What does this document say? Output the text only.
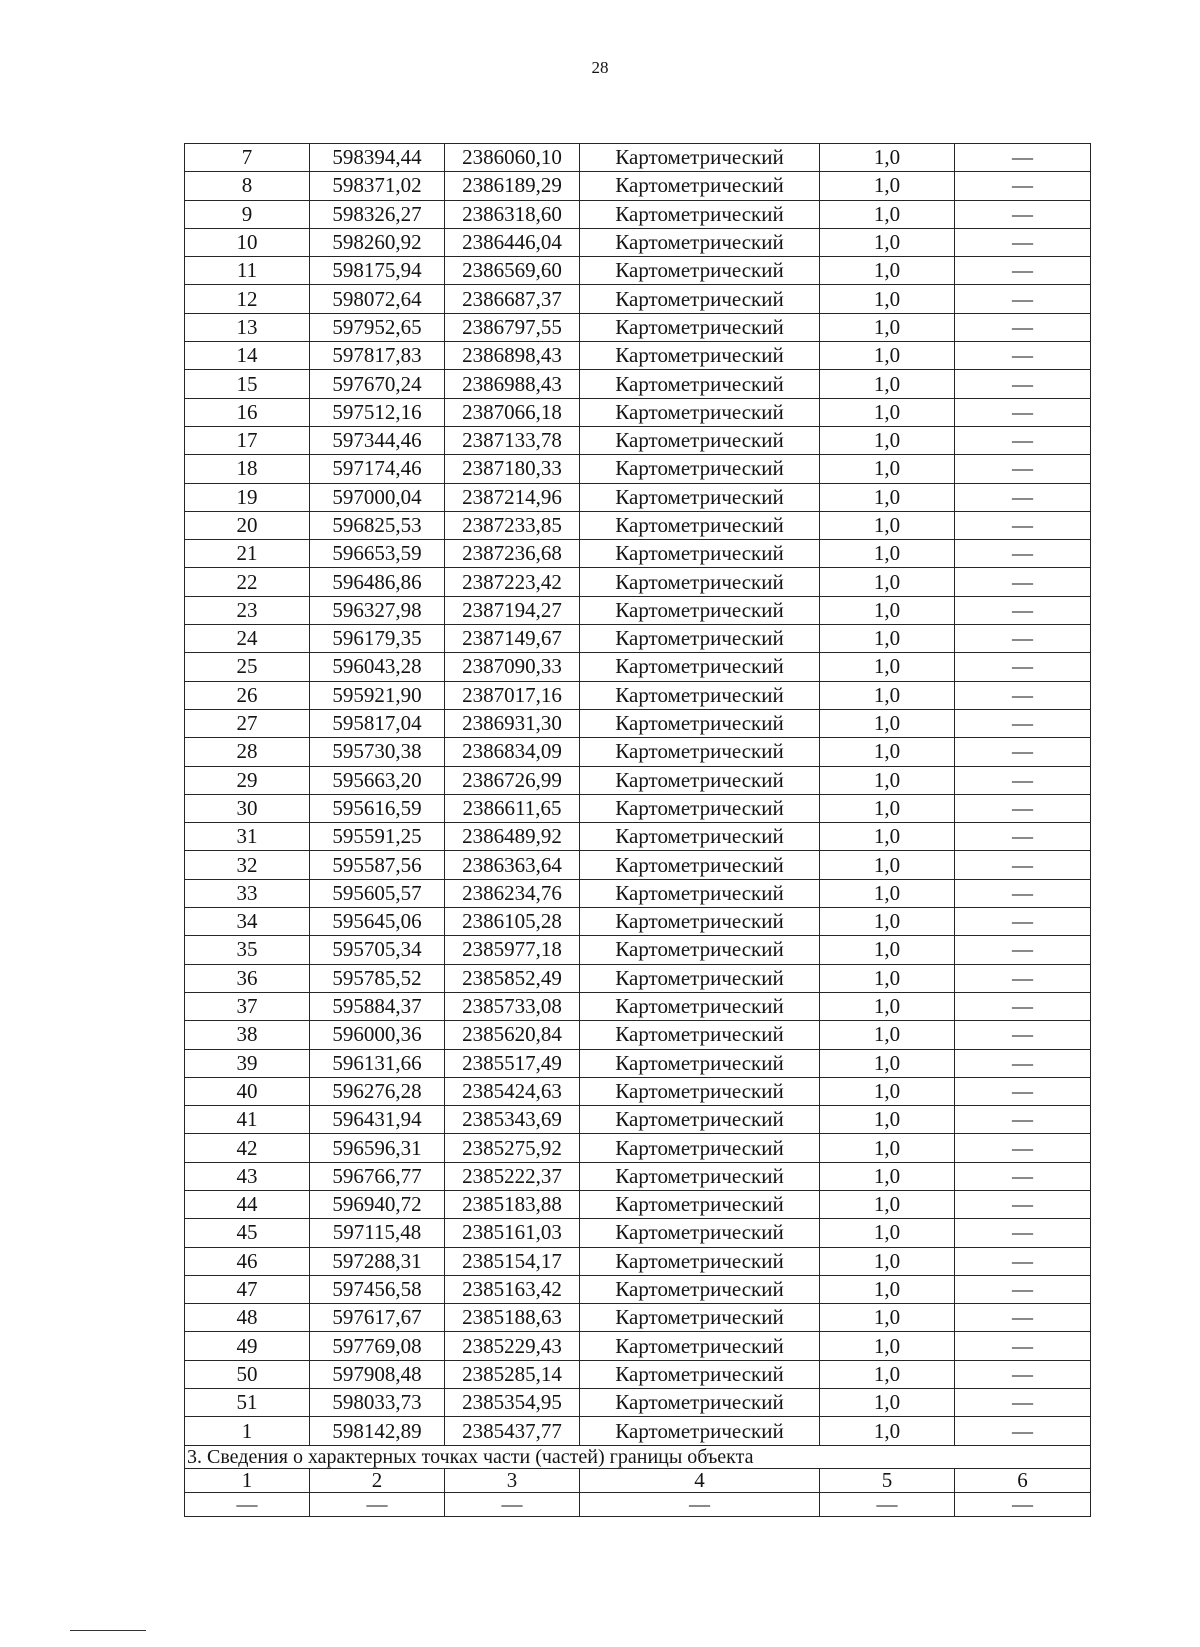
28
7	598394,44	2386060,10	Картометрический	1,0	—
8	598371,02	2386189,29	Картометрический	1,0	—
9	598326,27	2386318,60	Картометрический	1,0	—
10	598260,92	2386446,04	Картометрический	1,0	—
11	598175,94	2386569,60	Картометрический	1,0	—
12	598072,64	2386687,37	Картометрический	1,0	—
13	597952,65	2386797,55	Картометрический	1,0	—
14	597817,83	2386898,43	Картометрический	1,0	—
15	597670,24	2386988,43	Картометрический	1,0	—
16	597512,16	2387066,18	Картометрический	1,0	—
17	597344,46	2387133,78	Картометрический	1,0	—
18	597174,46	2387180,33	Картометрический	1,0	—
19	597000,04	2387214,96	Картометрический	1,0	—
20	596825,53	2387233,85	Картометрический	1,0	—
21	596653,59	2387236,68	Картометрический	1,0	—
22	596486,86	2387223,42	Картометрический	1,0	—
23	596327,98	2387194,27	Картометрический	1,0	—
24	596179,35	2387149,67	Картометрический	1,0	—
25	596043,28	2387090,33	Картометрический	1,0	—
26	595921,90	2387017,16	Картометрический	1,0	—
27	595817,04	2386931,30	Картометрический	1,0	—
28	595730,38	2386834,09	Картометрический	1,0	—
29	595663,20	2386726,99	Картометрический	1,0	—
30	595616,59	2386611,65	Картометрический	1,0	—
31	595591,25	2386489,92	Картометрический	1,0	—
32	595587,56	2386363,64	Картометрический	1,0	—
33	595605,57	2386234,76	Картометрический	1,0	—
34	595645,06	2386105,28	Картометрический	1,0	—
35	595705,34	2385977,18	Картометрический	1,0	—
36	595785,52	2385852,49	Картометрический	1,0	—
37	595884,37	2385733,08	Картометрический	1,0	—
38	596000,36	2385620,84	Картометрический	1,0	—
39	596131,66	2385517,49	Картометрический	1,0	—
40	596276,28	2385424,63	Картометрический	1,0	—
41	596431,94	2385343,69	Картометрический	1,0	—
42	596596,31	2385275,92	Картометрический	1,0	—
43	596766,77	2385222,37	Картометрический	1,0	—
44	596940,72	2385183,88	Картометрический	1,0	—
45	597115,48	2385161,03	Картометрический	1,0	—
46	597288,31	2385154,17	Картометрический	1,0	—
47	597456,58	2385163,42	Картометрический	1,0	—
48	597617,67	2385188,63	Картометрический	1,0	—
49	597769,08	2385229,43	Картометрический	1,0	—
50	597908,48	2385285,14	Картометрический	1,0	—
51	598033,73	2385354,95	Картометрический	1,0	—
1	598142,89	2385437,77	Картометрический	1,0	—
3. Сведения о характерных точках части (частей) границы объекта					
1	2	3	4	5	6
—	—	—	—	—	—
